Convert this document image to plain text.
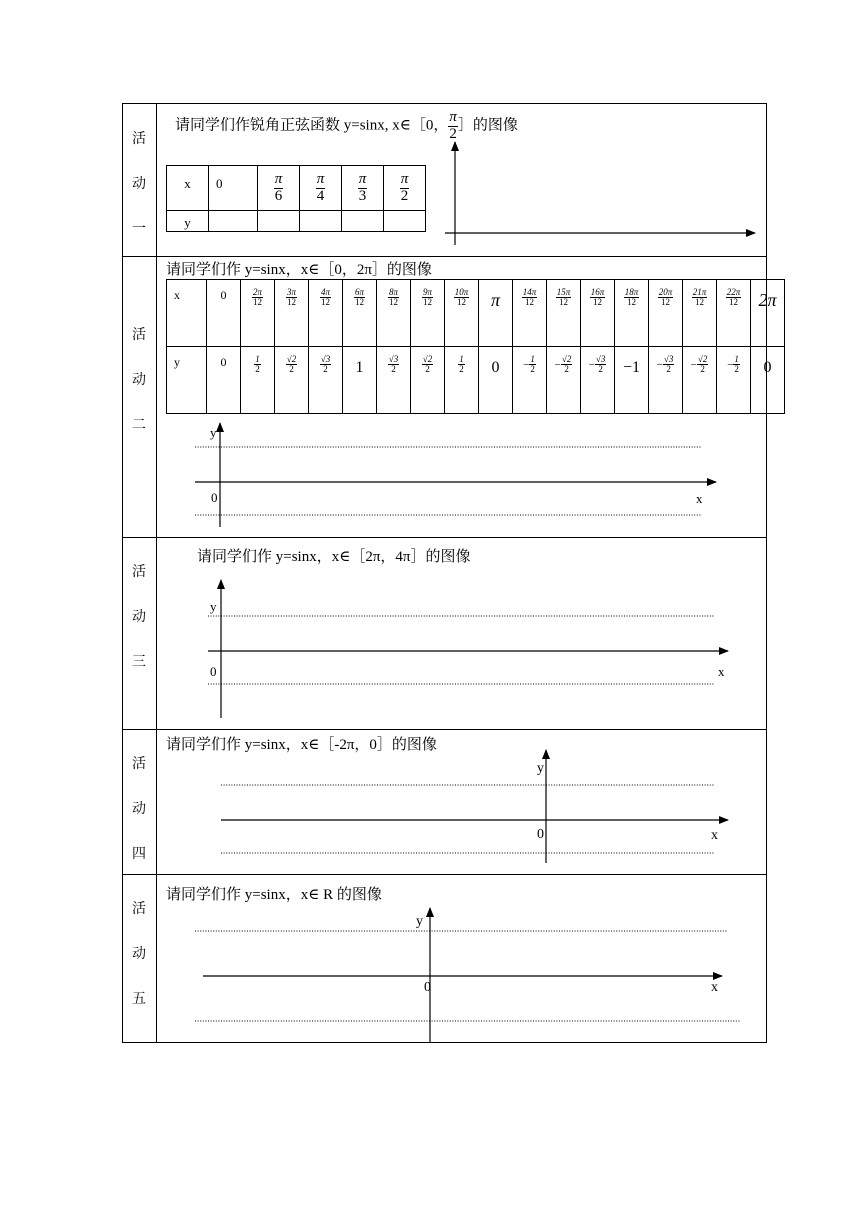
活
动
一
活
动
二
活
动
三
活
动
四
活
动
五
请同学们作锐角正弦函数 y=sinx, x∈［0， $\frac{\pi}{2}$ ］的图像
x	0	$\frac{\pi}{6}$	$\frac{\pi}{4}$	$\frac{\pi}{3}$	$\frac{\pi}{2}$

y					
请同学们作 y=sinx，x∈［0，2π］的图像
x	0	$\frac{2\pi}{12}$	$\frac{3\pi}{12}$	$\frac{4\pi}{12}$	$\frac{6\pi}{12}$	$\frac{8\pi}{12}$	$\frac{9\pi}{12}$	$\frac{10\pi}{12}$	π	$\frac{14\pi}{12}$	$\frac{15\pi}{12}$	$\frac{16\pi}{12}$	$\frac{18\pi}{12}$	$\frac{20\pi}{12}$	$\frac{21\pi}{12}$	$\frac{22\pi}{12}$	2π
y	0	$\frac{1}{2}$	$\frac{√2}{2}$	$\frac{√3}{2}$	1	$\frac{√3}{2}$	$\frac{√2}{2}$	$\frac{1}{2}$	0	− $\frac{1}{2}$	− $\frac{√2}{2}$	− $\frac{√3}{2}$	−1	− $\frac{√3}{2}$	− $\frac{√2}{2}$	− $\frac{1}{2}$	0
请同学们作 y=sinx，x∈［2π，4π］的图像
请同学们作 y=sinx，x∈［-2π，0］的图像
请同学们作 y=sinx，x∈ R 的图像
y
0	x
y
0	x
y
0	x
y
0	x
